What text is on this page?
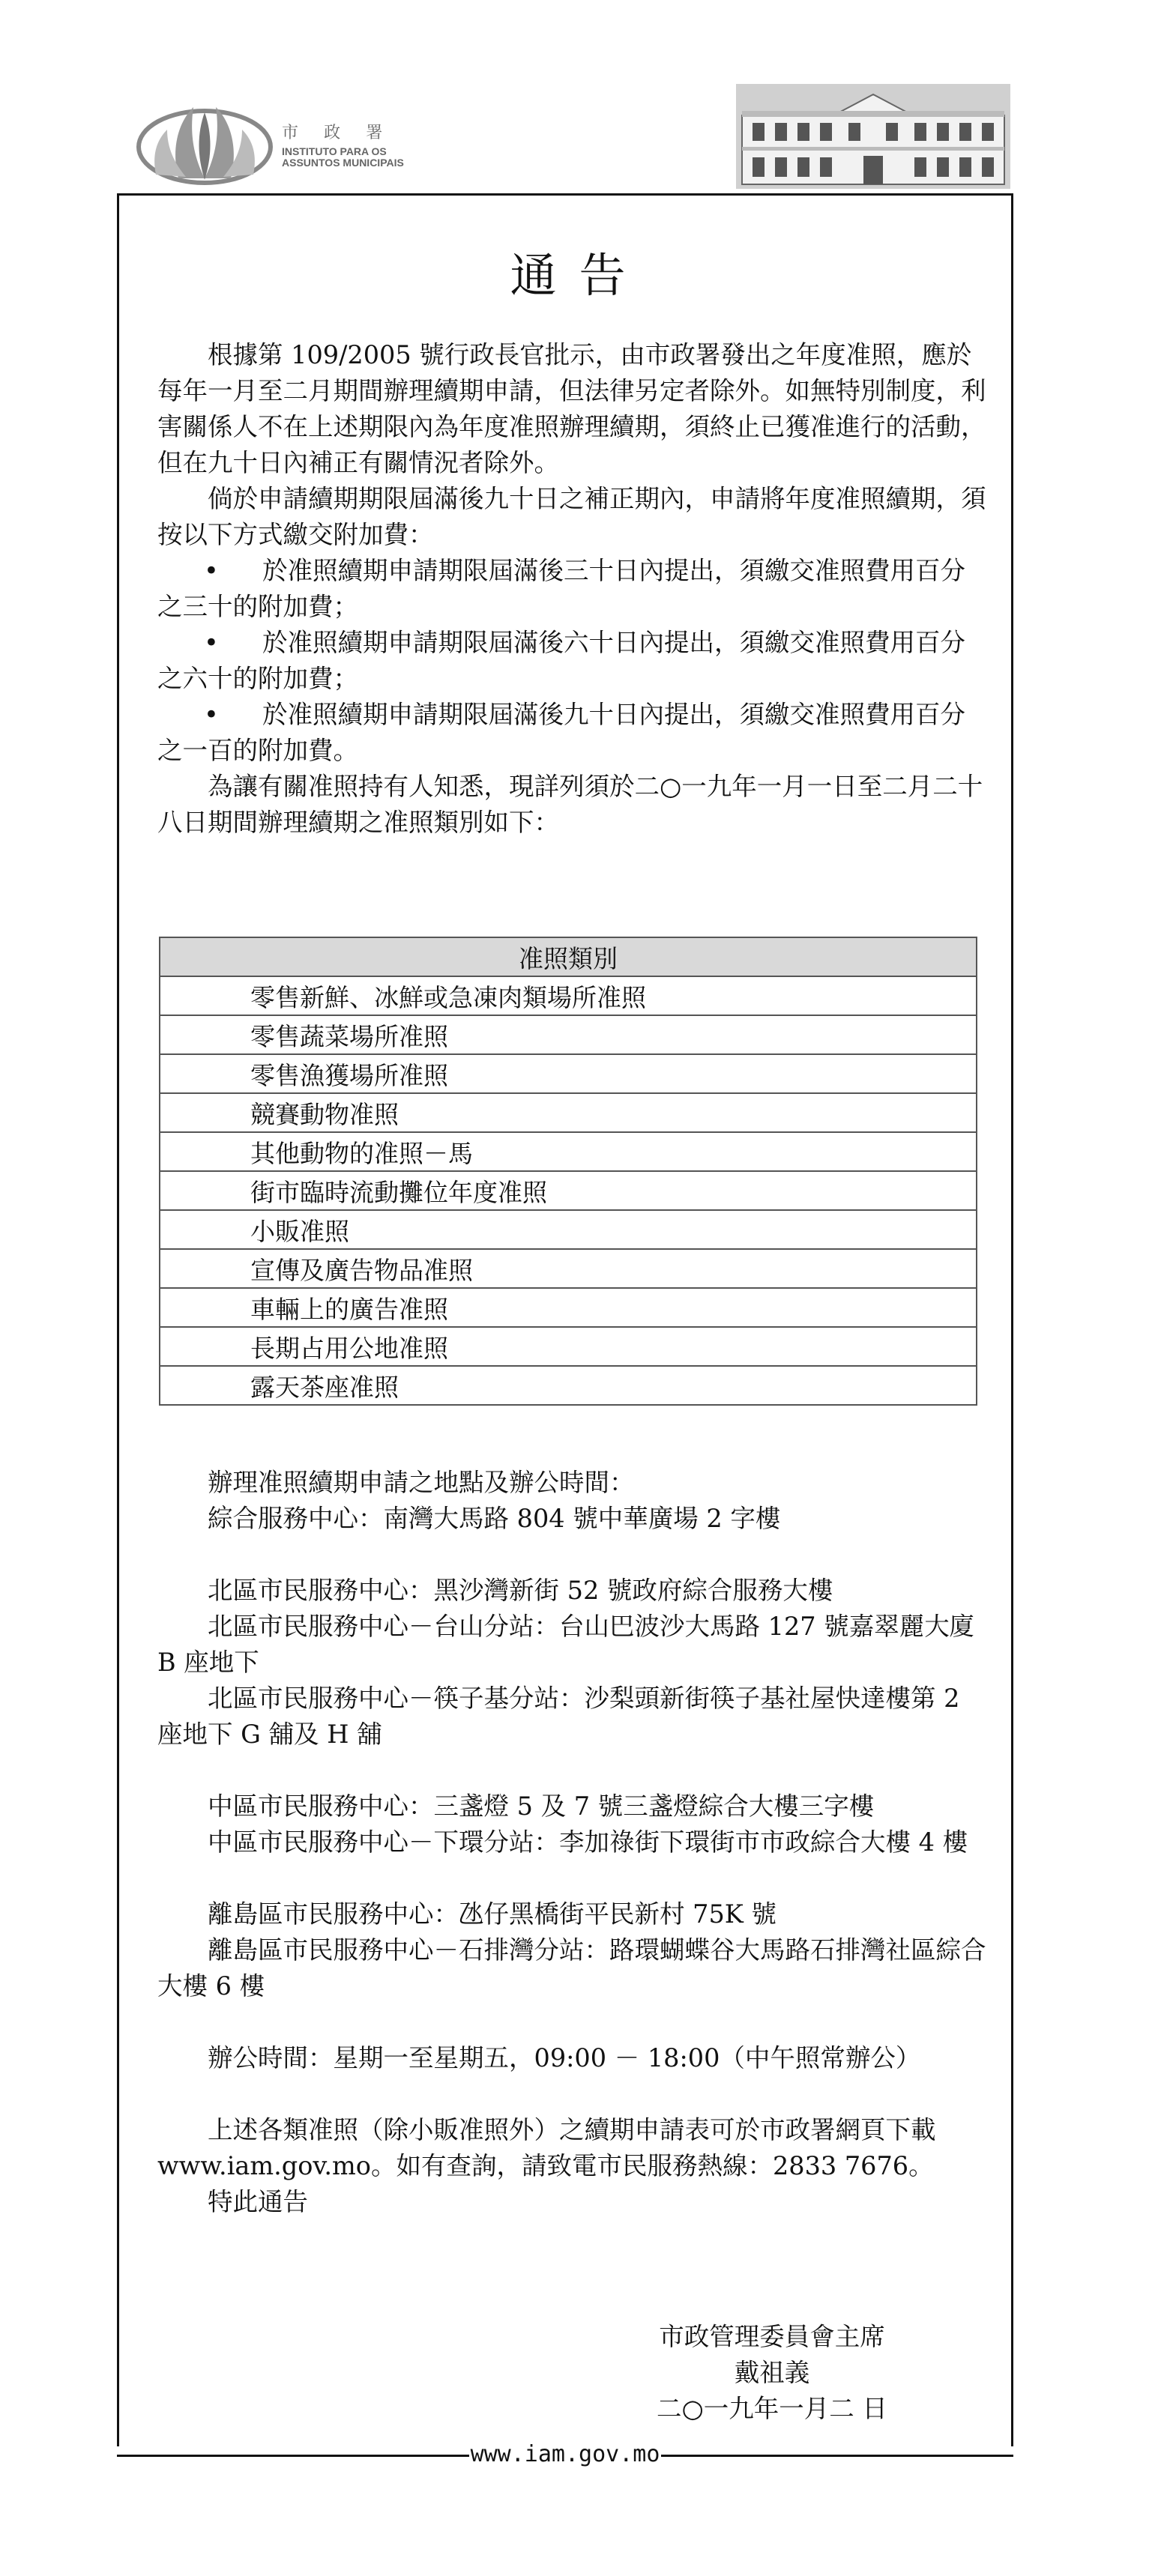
市 政 署
INSTITUTO PARA OS
ASSUNTOS MUNICIPAIS
通告

根據第 109/2005 號行政長官批示，由市政署發出之年度准照，應於每年一月至二月期間辦理續期申請，但法律另定者除外。如無特別制度，利害關係人不在上述期限內為年度准照辦理續期，須終止已獲准進行的活動，但在九十日內補正有關情況者除外。

倘於申請續期期限屆滿後九十日之補正期內，申請將年度准照續期，須按以下方式繳交附加費：

• 於准照續期申請期限屆滿後三十日內提出，須繳交准照費用百分之三十的附加費；

• 於准照續期申請期限屆滿後六十日內提出，須繳交准照費用百分之六十的附加費；

• 於准照續期申請期限屆滿後九十日內提出，須繳交准照費用百分之一百的附加費。

為讓有關准照持有人知悉，現詳列須於二○一九年一月一日至二月二十八日期間辦理續期之准照類別如下：

准照類別
零售新鮮、冰鮮或急凍肉類場所准照
零售蔬菜場所准照
零售漁獲場所准照
競賽動物准照
其他動物的准照－馬
街市臨時流動攤位年度准照
小販准照
宣傳及廣告物品准照
車輛上的廣告准照
長期占用公地准照
露天茶座准照

辦理准照續期申請之地點及辦公時間：

綜合服務中心：南灣大馬路 804 號中華廣場 2 字樓

北區市民服務中心：黑沙灣新街 52 號政府綜合服務大樓

北區市民服務中心－台山分站：台山巴波沙大馬路 127 號嘉翠麗大廈 B 座地下

北區市民服務中心－筷子基分站：沙梨頭新街筷子基社屋快達樓第 2 座地下 G 舖及 H 舖

中區市民服務中心：三盞燈 5 及 7 號三盞燈綜合大樓三字樓

中區市民服務中心－下環分站：李加祿街下環街市市政綜合大樓 4 樓

離島區市民服務中心：氹仔黑橋街平民新村 75K 號

離島區市民服務中心－石排灣分站：路環蝴蝶谷大馬路石排灣社區綜合大樓 6 樓

辦公時間：星期一至星期五，09:00 － 18:00（中午照常辦公）

上述各類准照（除小販准照外）之續期申請表可於市政署網頁下載 www.iam.gov.mo。如有查詢，請致電市民服務熱線：2833 7676。

特此通告

市政管理委員會主席
戴祖義
二○一九年一月二 日
www.iam.gov.mo
